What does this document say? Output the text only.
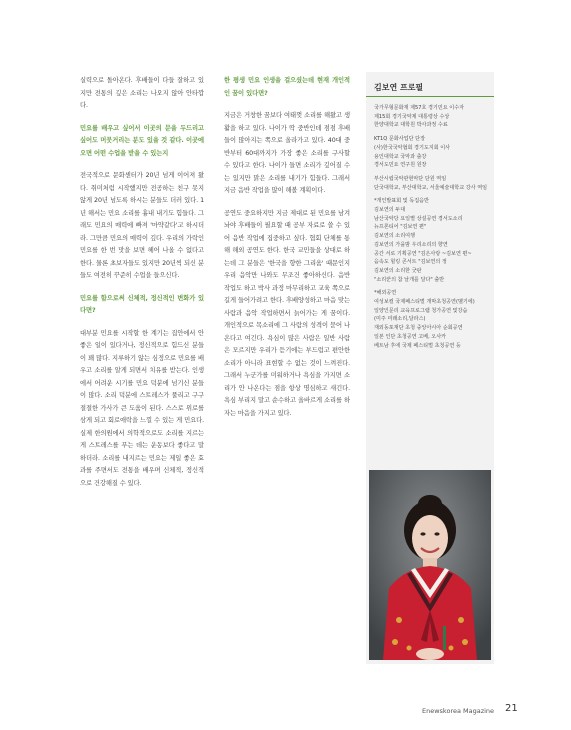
실력으로 돌아온다. 후배들이 다들 잘하고 있지만 전통의 깊은 소리는 나오지 않아 안타깝다.

민요를 배우고 싶어서 이곳의 문을 두드리고 싶어도 머뭇거리는 분도 있을 것 같다. 이곳에 오면 어떤 수업을 받을 수 있는지

전국적으로 문화센터가 20년 넘게 이어져 왔다. 취미처럼 시작했지만 전공하는 친구 못지않게 20년 넘도록 하시는 분들도 더러 있다. 1년 해서는 민요 소리를 흉내 내기도 힘들다. 그래도 민요의 매력에 빠져 '마약같다'고 하시더라. 그만큼 민요의 매력이 깊다. 우리의 가락인 민요를 한 번 맛을 보면 헤어 나올 수 없다고 한다. 물론 초보자들도 있지만 20년씩 되신 분들도 여전히 꾸준히 수업을 들으신다.

민요를 함으로써 신체적, 정신적인 변화가 있다면?

대부분 민요를 시작할 한 계기는 집안에서 안 좋은 일이 있다거나, 정신적으로 힘드신 분들이 꽤 많다. 지루하기 않는 심정으로 민요를 배우고 소리를 알게 되면서 치유를 받는다. 인생에서 어려운 시기를 민요 덕분에 넘기신 분들이 많다. 소리 덕분에 스트레스가 풀리고 구구절절한 가사가 큰 도움이 된다. 스스로 위로를 삼게 되고 회로애락을 느낄 수 있는 게 민요다. 실제 한의원에서 의학적으로도 소리를 지르는게 스트레스를 푸는 데는 운동보다 좋다고 말하더라. 소리를 내지르는 민요는 제일 좋은 효과를 주면서도 전통을 배우며 신체적, 정신적으로 건강해질 수 있다.

한 평생 민요 인생을 걸으셨는데 현재 개인적인 꿈이 있다면?

지금은 거창한 꿈보다 여태껏 소리를 해왔고 생활을 하고 있다. 나이가 딱 중반인데 점점 후배들이 많아지는 쪽으로 올라가고 있다. 40대 중반부터 60대까지가 가장 좋은 소리를 구사할 수 있다고 한다. 나이가 들면 소리가 깊어질 수는 있지만 맑은 소리를 내기가 힘들다. 그래서 지금 음반 작업을 많이 해볼 계획이다.

공연도 중요하지만 지금 제대로 된 민요를 남겨놔야 후배들이 필요할 때 공부 자료로 쓸 수 있어 음반 작업에 집중하고 싶다. 협회 단체를 통해 해외 공연도 한다. 한국 교민들을 상대로 하는데 그 분들은 '한국을 향한 그리움' 때문인지 우리 음악만 나와도 무조건 좋아하신다. 음반 작업도 하고 박사 과정 마무리하고 교육 쪽으로 길게 들어가려고 한다. 후배양성하고 마음 맞는 사람과 음악 작업하면서 늙어가는 게 꿈이다. 개인적으로 목소리에 그 사람의 성격이 묻어 나온다고 여긴다. 욕심이 많은 사람은 일반 사람은 모르지만 우리가 듣기에는 부드럽고 편안한 소리가 아니라 표현할 수 없는 것이 느껴진다. 그래서 누군가를 미워하거나 욕심을 가지면 소리가 안 나온다는 점을 항상 명심하고 새긴다. 욕심 부리지 말고 순수하고 올바르게 소리를 하자는 마음을 가지고 있다.

김보연 프로필
국가무형문화재 제57호 경기민요 이수자
제15회 경기국악제 대통령상 수상
한양대학교 대학원 박사과정 수료
KT1Q 문화사업단 단장
(사)한국국악협회 경기도지회 이사
용인대학교 국악과 출강
경서도민요 연구원 원장
부산시립국악관현악단 단원 역임
단국대학교, 부산대학교, 서울예술대학교 강사 역임
*개인발표회 및 독집음반
김보연의 두대
남산국악당 요일별 상설공연 경서도소리
뉴프론티어 "김보연 편"
김보연의 소리여행
김보연의 가을밤 우리소리의 향연
공간 서로 기획공연 "김은사랑 ~김보연 편~
음속도 힐링 콘서트 "김보연의 정
김보연의 소리한 굿판
"소리꾼의 참 날개를 달다" 출반
*해외공연
여성보컬 국제페스티벌 개막초청공연(벨기에)
일양인문리 교육프로그램 청가공연 및강습
(미주 미래소리,달라스)
재외동포재단 초청 중앙아시아 순회공연
일본 인단 초청공연 고베, 오사카
베트남 후에 국제 페스티벌 초청공연 등
Enewskorea Magazine 21
